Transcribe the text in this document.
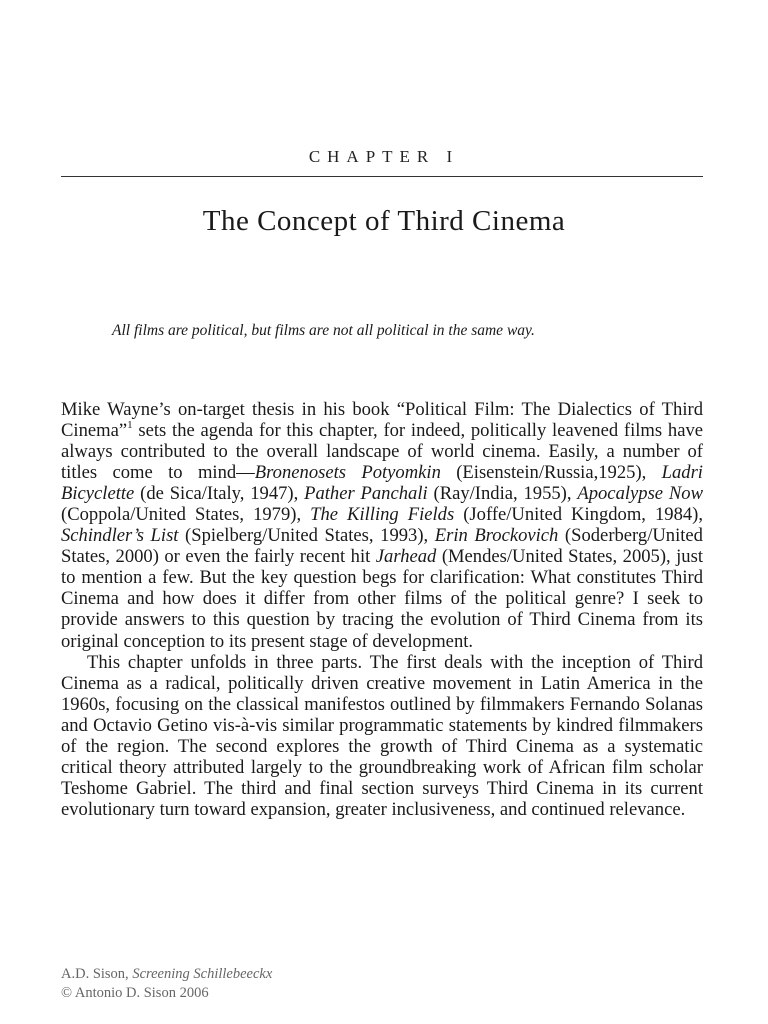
CHAPTER I
The Concept of Third Cinema
All films are political, but films are not all political in the same way.

Mike Wayne’s on-target thesis in his book “Political Film: The Dialectics of Third Cinema”$^1$ sets the agenda for this chapter, for indeed, politically leavened films have always contributed to the overall landscape of world cinema. Easily, a number of titles come to mind—Bronenosets Potyomkin (Eisenstein/Russia,1925), Ladri Bicyclette (de Sica/Italy, 1947), Pather Panchali (Ray/India, 1955), Apocalypse Now (Coppola/United States, 1979), The Killing Fields (Joffe/United Kingdom, 1984), Schindler’s List (Spielberg/United States, 1993), Erin Brockovich (Soderberg/United States, 2000) or even the fairly recent hit Jarhead (Mendes/United States, 2005), just to mention a few. But the key question begs for clarification: What constitutes Third Cinema and how does it differ from other films of the political genre? I seek to provide answers to this question by tracing the evolution of Third Cinema from its original conception to its present stage of development.

This chapter unfolds in three parts. The first deals with the inception of Third Cinema as a radical, politically driven creative movement in Latin America in the 1960s, focusing on the classical manifestos outlined by filmmakers Fernando Solanas and Octavio Getino vis-à-vis similar programmatic statements by kindred filmmakers of the region. The second explores the growth of Third Cinema as a systematic critical theory attributed largely to the groundbreaking work of African film scholar Teshome Gabriel. The third and final section surveys Third Cinema in its current evolutionary turn toward expansion, greater inclusiveness, and continued relevance.

A.D. Sison, Screening Schillebeeckx
© Antonio D. Sison 2006
